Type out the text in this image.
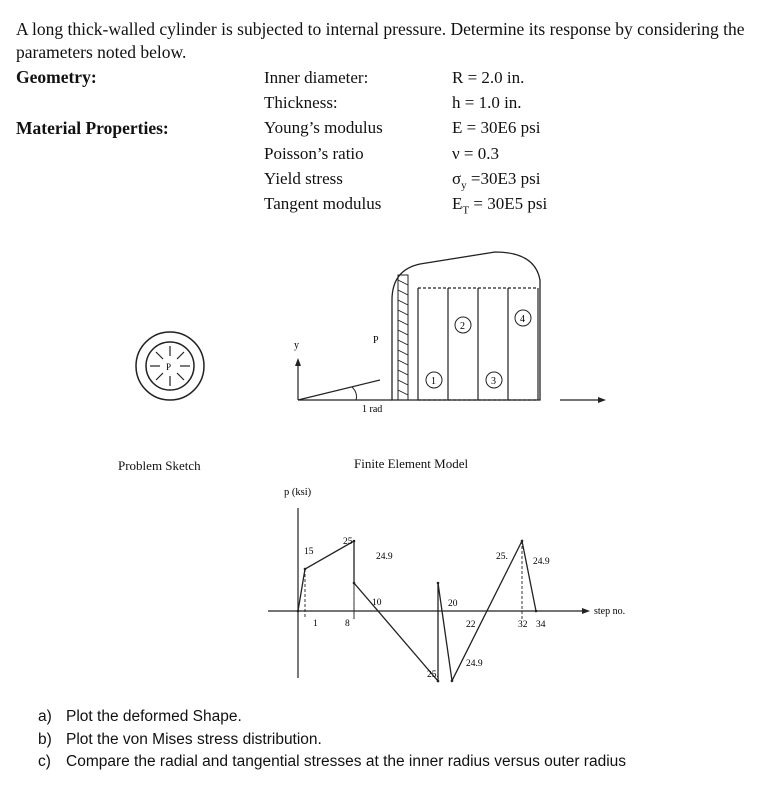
A long thick-walled cylinder is subjected to internal pressure. Determine its response by considering the parameters noted below.
Geometry:	Inner diameter:	R = 2.0 in.
Thickness:	h = 1.0 in.
Material Properties:	Young’s modulus	E = 30E6 psi
Poisson’s ratio	ν = 0.3
Yield stress	$\sigma_y =30E3$ psi
Tangent modulus	$E_T = 30E5$ psi
P
y	P
1 rad
1
2
3
4
Problem Sketch	Finite Element Model
p (ksi)
step no.
15
25
24.9
10	20
25.	24.9
22	32 34
24.9
25.
1	8
a) Plot the deformed Shape.
b) Plot the von Mises stress distribution.
c) Compare the radial and tangential stresses at the inner radius versus outer radius
